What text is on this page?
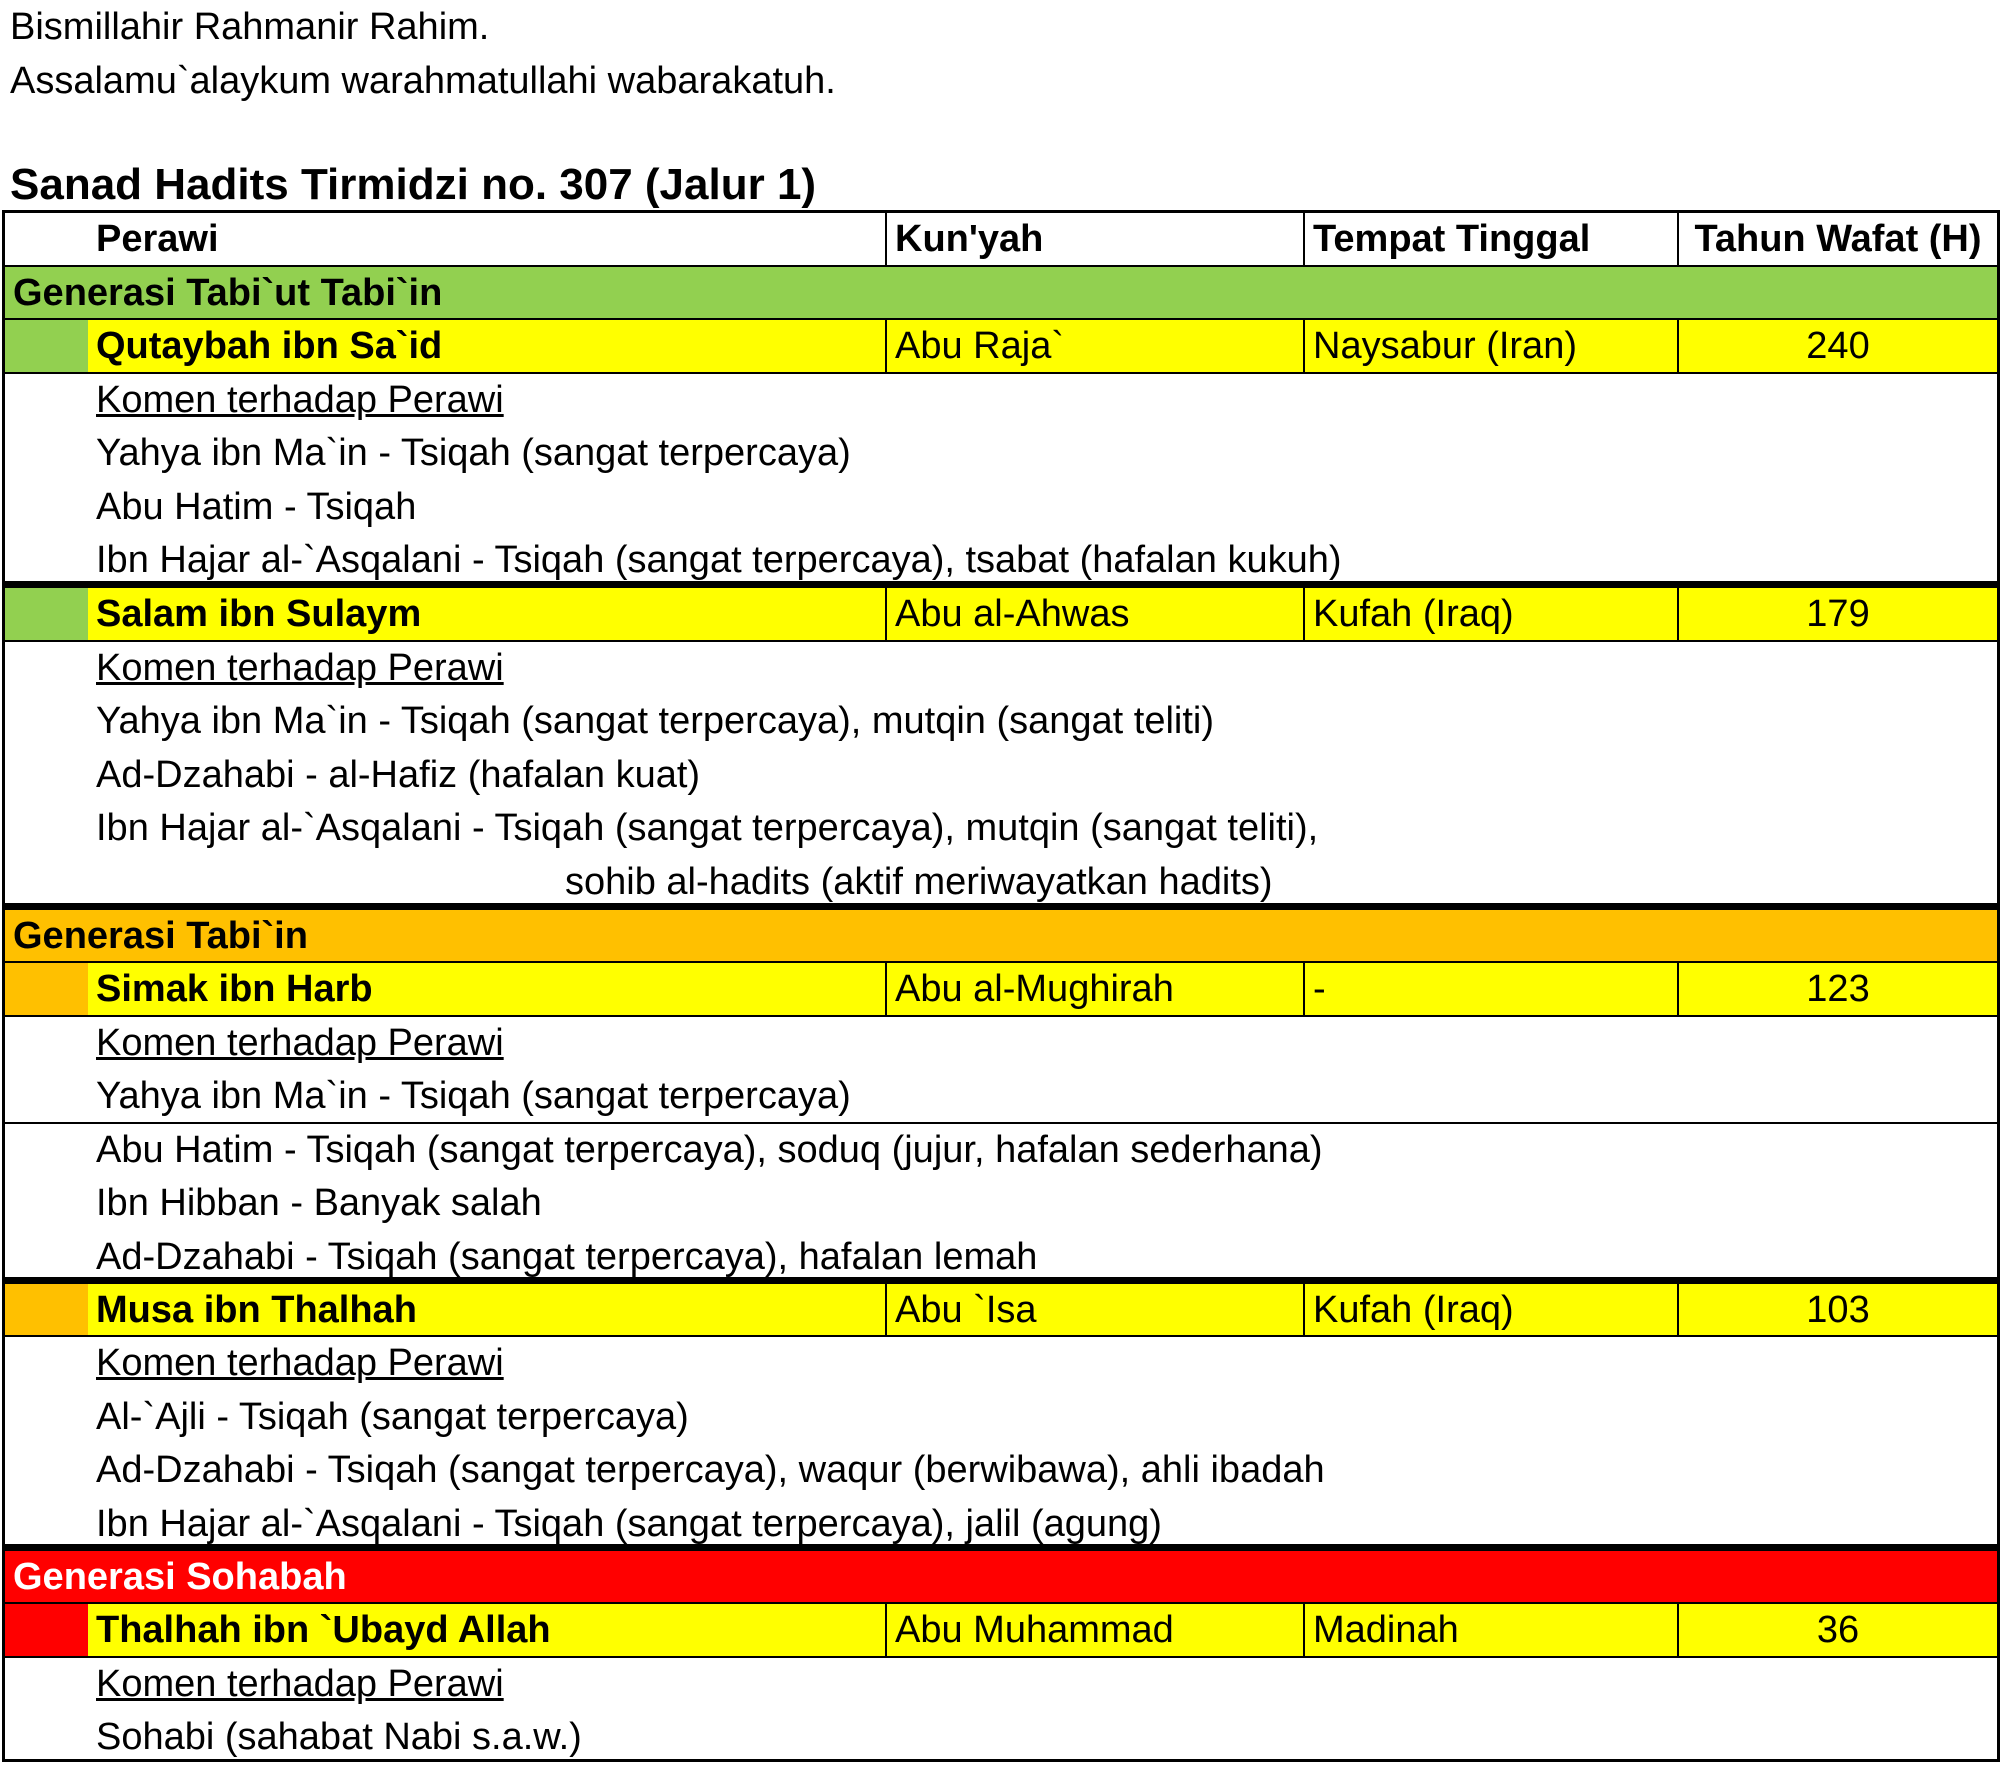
Bismillahir Rahmanir Rahim.
Assalamu`alaykum warahmatullahi wabarakatuh.
Sanad Hadits Tirmidzi no. 307 (Jalur 1)
Perawi	Kun'yah	Tempat Tinggal	Tahun Wafat (H)
Generasi Tabi`ut Tabi`in
Qutaybah ibn Sa`id	Abu Raja`	Naysabur (Iran)	240
Komen terhadap Perawi
Yahya ibn Ma`in - Tsiqah (sangat terpercaya)
Abu Hatim - Tsiqah
Ibn Hajar al-`Asqalani - Tsiqah (sangat terpercaya), tsabat (hafalan kukuh)
Salam ibn Sulaym	Abu al-Ahwas	Kufah (Iraq)	179
Komen terhadap Perawi
Yahya ibn Ma`in - Tsiqah (sangat terpercaya), mutqin (sangat teliti)
Ad-Dzahabi - al-Hafiz (hafalan kuat)
Ibn Hajar al-`Asqalani - Tsiqah (sangat terpercaya), mutqin (sangat teliti),
sohib al-hadits (aktif meriwayatkan hadits)
Generasi Tabi`in
Simak ibn Harb	Abu al-Mughirah	-	123
Komen terhadap Perawi
Yahya ibn Ma`in - Tsiqah (sangat terpercaya)
Abu Hatim - Tsiqah (sangat terpercaya), soduq (jujur, hafalan sederhana)
Ibn Hibban - Banyak salah
Ad-Dzahabi - Tsiqah (sangat terpercaya), hafalan lemah
Musa ibn Thalhah	Abu `Isa	Kufah (Iraq)	103
Komen terhadap Perawi
Al-`Ajli - Tsiqah (sangat terpercaya)
Ad-Dzahabi - Tsiqah (sangat terpercaya), waqur (berwibawa), ahli ibadah
Ibn Hajar al-`Asqalani - Tsiqah (sangat terpercaya), jalil (agung)
Generasi Sohabah
Thalhah ibn `Ubayd Allah	Abu Muhammad	Madinah	36
Komen terhadap Perawi
Sohabi (sahabat Nabi s.a.w.)
